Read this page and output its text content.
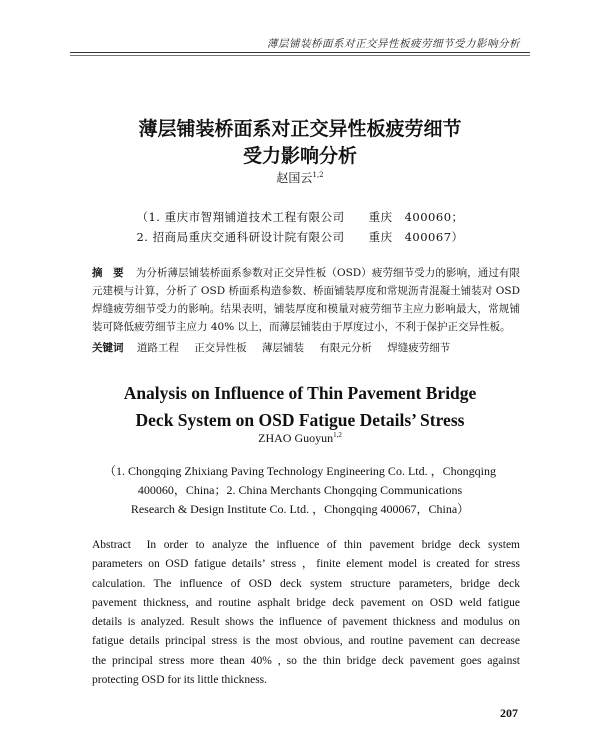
薄层铺装桥面系对正交异性板疲劳细节受力影响分析
薄层铺装桥面系对正交异性板疲劳细节
受力影响分析
赵国云$^{1,2}$
（1. 重庆市智翔铺道技术工程有限公司　　重庆　400060；
2. 招商局重庆交通科研设计院有限公司　　重庆　400067）
摘　要 为分析薄层铺装桥面系参数对正交异性板（OSD）疲劳细节受力的影响，通过有限元建模与计算，分析了 OSD 桥面系构造参数、桥面铺装厚度和常规沥青混凝土铺装对 OSD 焊缝疲劳细节受力的影响。结果表明，铺装厚度和模量对疲劳细节主应力影响最大，常规铺装可降低疲劳细节主应力 40% 以上，而薄层铺装由于厚度过小，不利于保护正交异性板。
关键词 道路工程 正交异性板 薄层铺装 有限元分析 焊缝疲劳细节
Analysis on Influence of Thin Pavement Bridge
Deck System on OSD Fatigue Details’ Stress
ZHAO Guoyun$^{1,2}$
（1. Chongqing Zhixiang Paving Technology Engineering Co. Ltd. ，Chongqing
400060，China；2. China Merchants Chongqing Communications
Research & Design Institute Co. Ltd. ，Chongqing 400067，China）
Abstract In order to analyze the influence of thin pavement bridge deck system
parameters on OSD fatigue details’ stress ，finite element model is created for stress
calculation. The influence of OSD deck system structure parameters, bridge deck
pavement thickness, and routine asphalt bridge deck pavement on OSD weld fatigue
details is analyzed. Result shows the influence of pavement thickness and modulus on
fatigue details principal stress is the most obvious, and routine pavement can decrease
the principal stress more thean 40% , so the thin bridge deck pavement goes against
protecting OSD for its little thickness.
207
